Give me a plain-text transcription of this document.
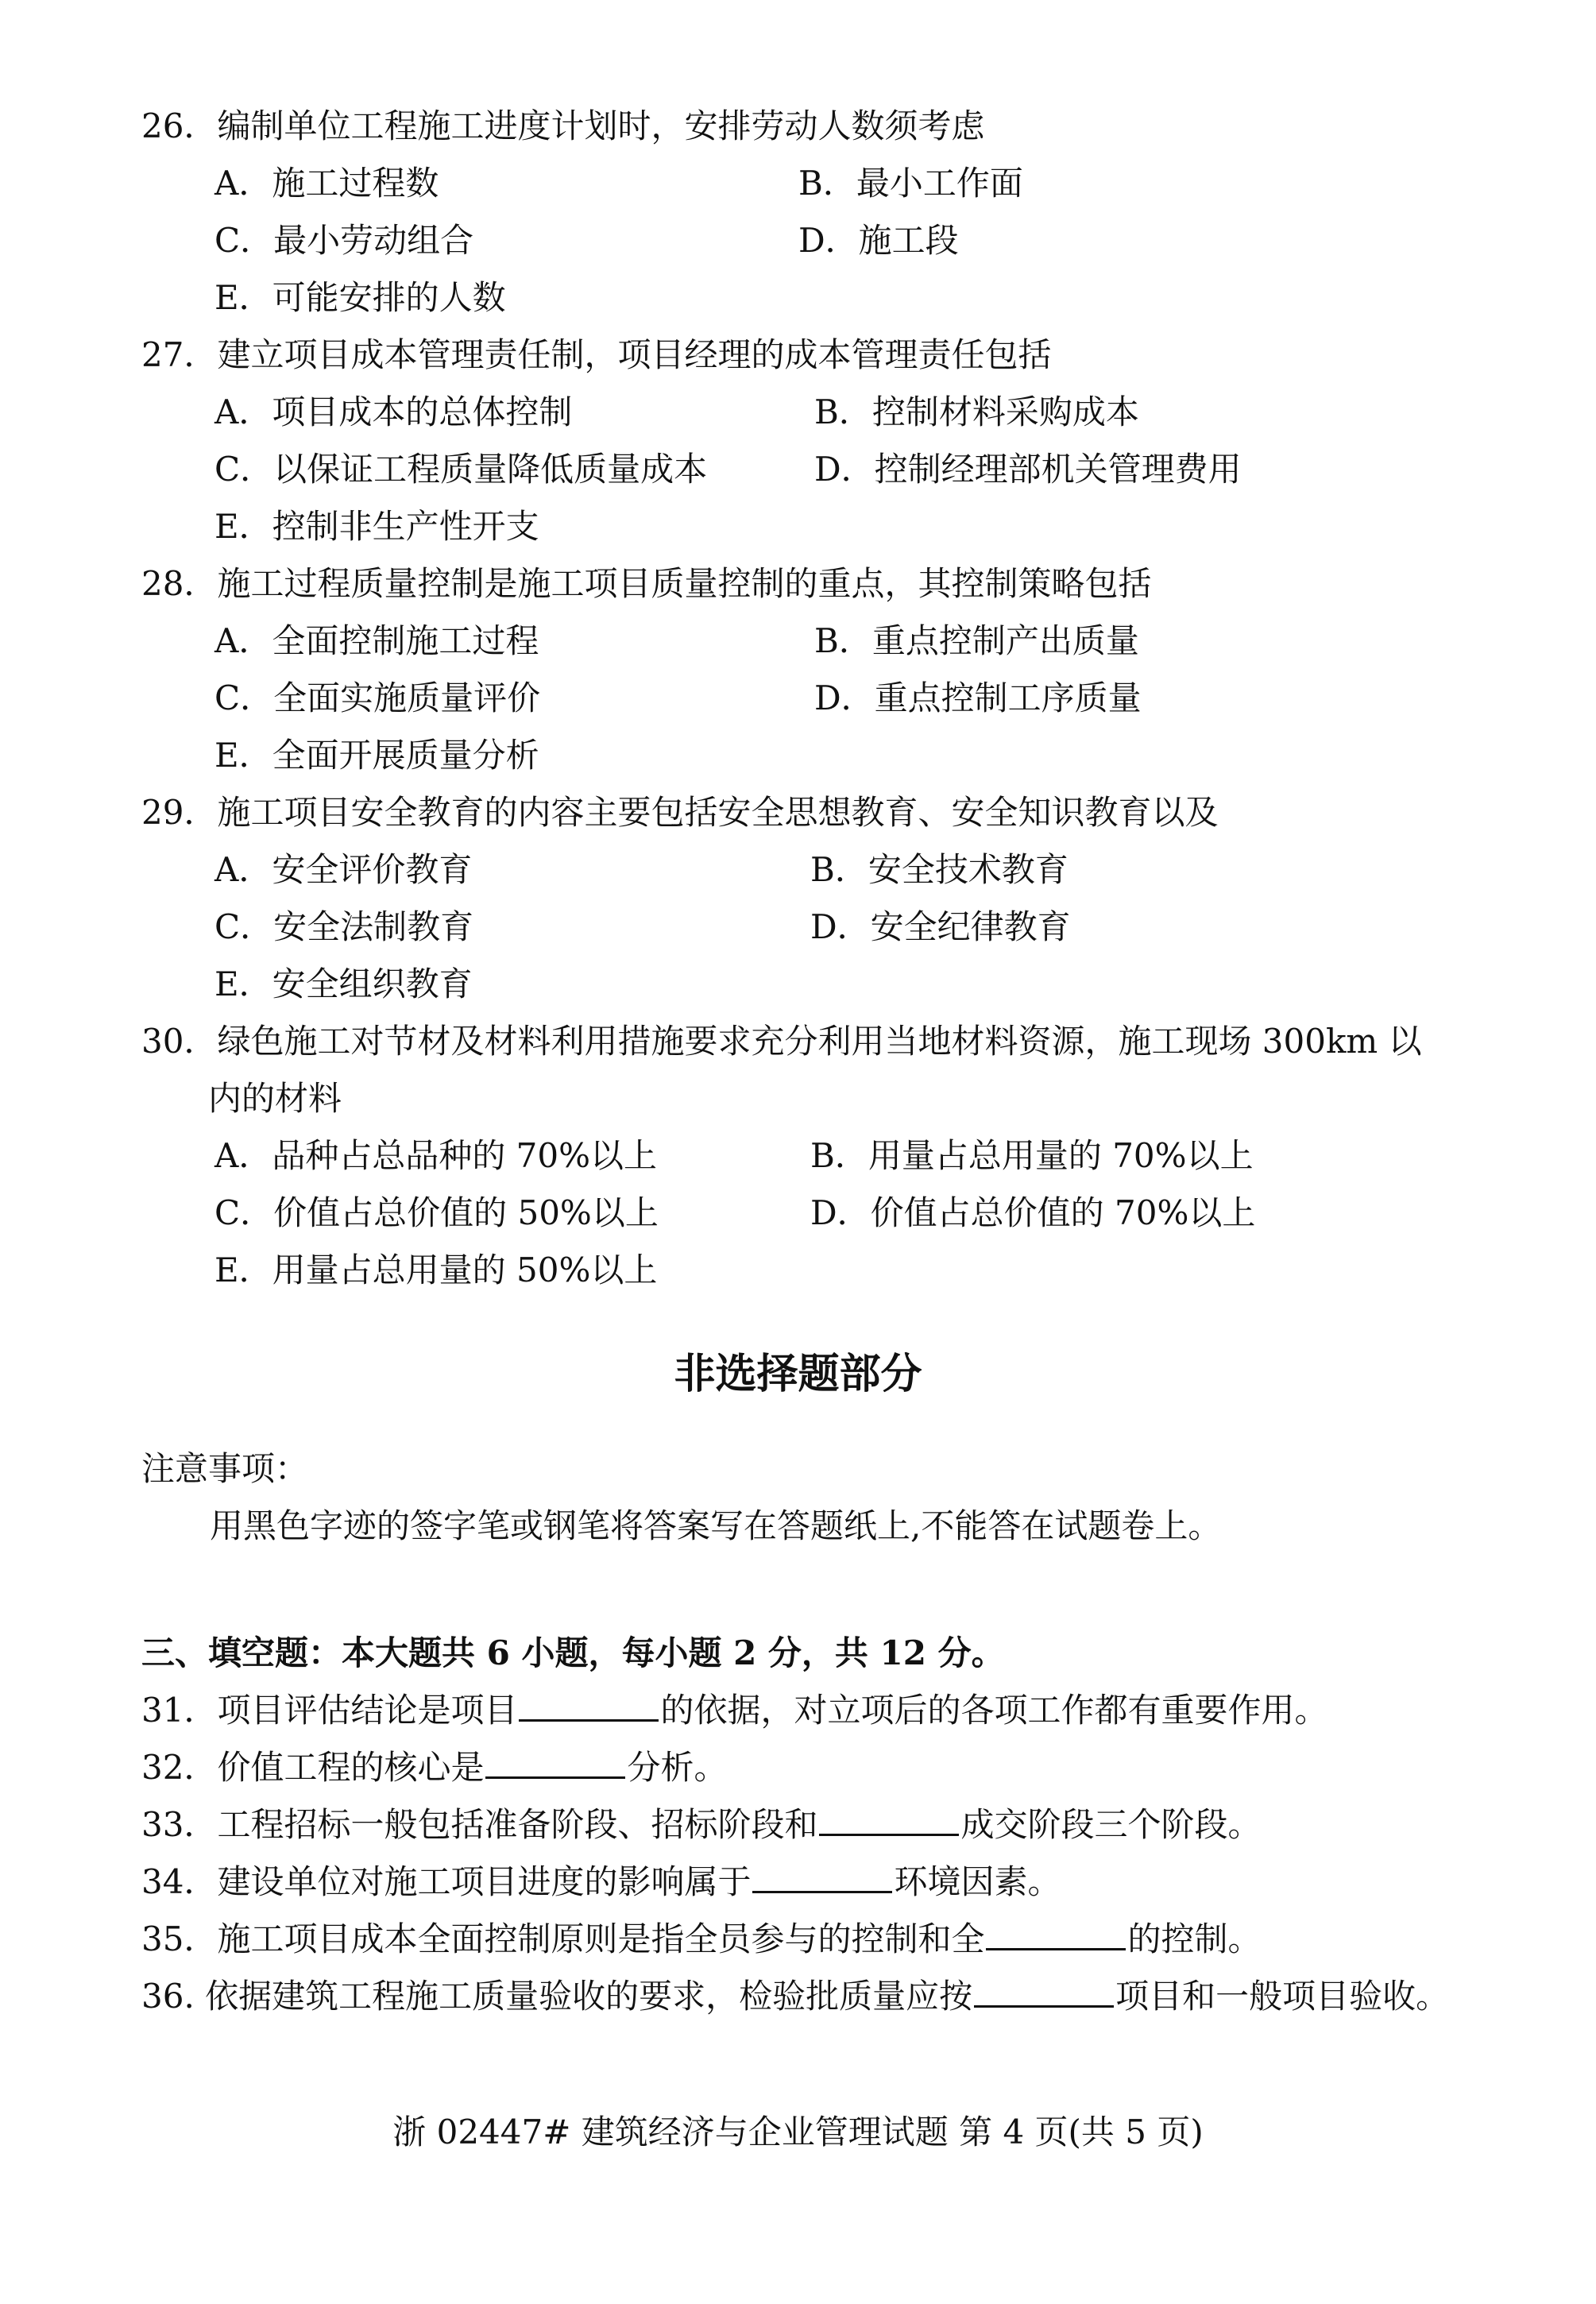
26．编制单位工程施工进度计划时，安排劳动人数须考虑
A．施工过程数	B．最小工作面
C．最小劳动组合	D．施工段
E．可能安排的人数
27．建立项目成本管理责任制，项目经理的成本管理责任包括
A．项目成本的总体控制	B．控制材料采购成本
C．以保证工程质量降低质量成本	D．控制经理部机关管理费用
E．控制非生产性开支
28．施工过程质量控制是施工项目质量控制的重点，其控制策略包括
A．全面控制施工过程	B．重点控制产出质量
C．全面实施质量评价	D．重点控制工序质量
E．全面开展质量分析
29．施工项目安全教育的内容主要包括安全思想教育、安全知识教育以及
A．安全评价教育	B．安全技术教育
C．安全法制教育	D．安全纪律教育
E．安全组织教育
30．绿色施工对节材及材料利用措施要求充分利用当地材料资源，施工现场 300km 以
内的材料
A．品种占总品种的 70%以上	B．用量占总用量的 70%以上
C．价值占总价值的 50%以上	D．价值占总价值的 70%以上
E．用量占总用量的 50%以上
非选择题部分
注意事项：
用黑色字迹的签字笔或钢笔将答案写在答题纸上,不能答在试题卷上。
三、填空题：本大题共 6 小题，每小题 2 分，共 12 分。
31．项目评估结论是项目	的依据，对立项后的各项工作都有重要作用。
32．价值工程的核心是	分析。
33．工程招标一般包括准备阶段、招标阶段和	成交阶段三个阶段。
34．建设单位对施工项目进度的影响属于	环境因素。
35．施工项目成本全面控制原则是指全员参与的控制和全	的控制。
36. 依据建筑工程施工质量验收的要求，检验批质量应按	项目和一般项目验收。
浙 02447# 建筑经济与企业管理试题 第 4 页(共 5 页)
